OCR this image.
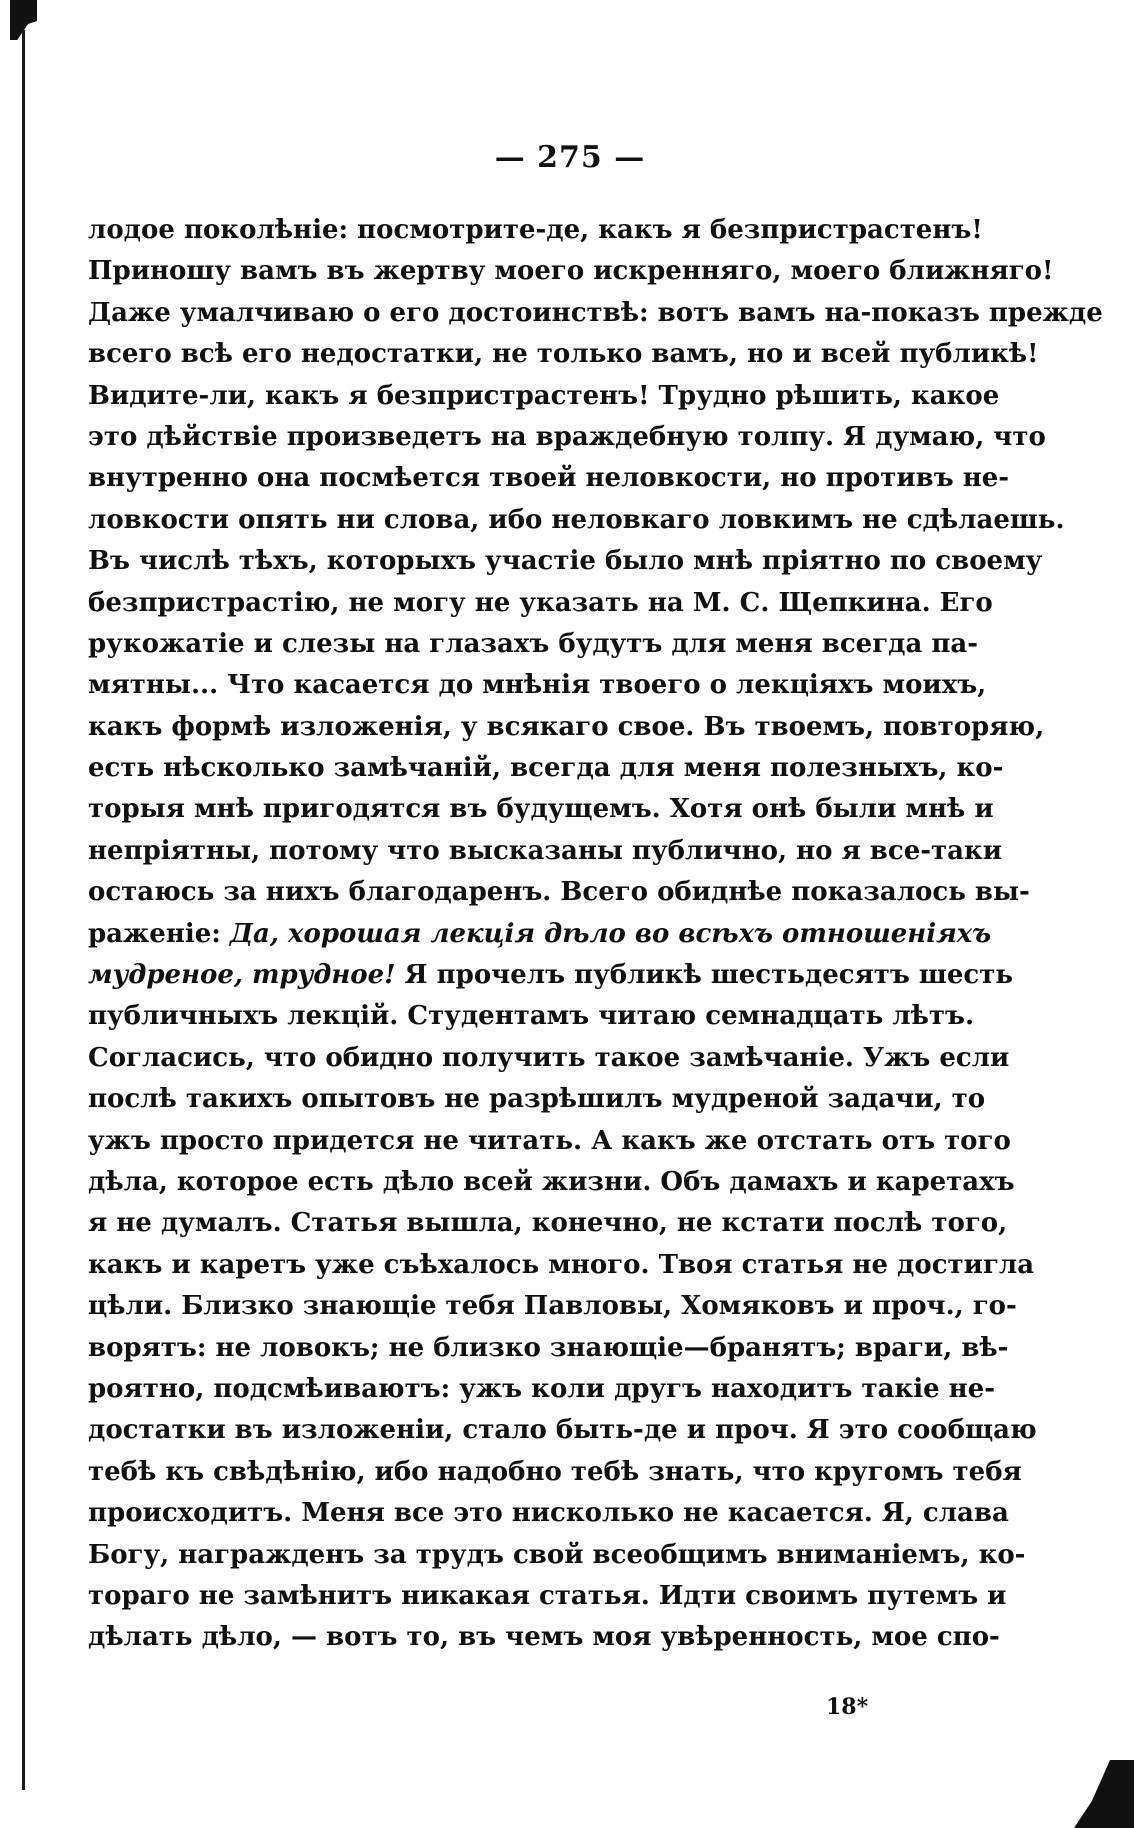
— 275 —
лодое поколѣніе: посмотрите-де, какъ я безпристрастенъ!
Приношу вамъ въ жертву моего искренняго, моего ближняго!
Даже умалчиваю о его достоинствѣ: вотъ вамъ на-показъ прежде
всего всѣ его недостатки, не только вамъ, но и всей публикѣ!
Видите-ли, какъ я безпристрастенъ! Трудно рѣшить, какое
это дѣйствіе произведетъ на враждебную толпу. Я думаю, что
внутренно она посмѣется твоей неловкости, но противъ не-
ловкости опять ни слова, ибо неловкаго ловкимъ не сдѣлаешь.
Въ числѣ тѣхъ, которыхъ участіе было мнѣ пріятно по своему
безпристрастію, не могу не указать на М. С. Щепкина. Его
рукожатіе и слезы на глазахъ будутъ для меня всегда па-
мятны... Что касается до мнѣнія твоего о лекціяхъ моихъ,
какъ формѣ изложенія, у всякаго свое. Въ твоемъ, повторяю,
есть нѣсколько замѣчаній, всегда для меня полезныхъ, ко-
торыя мнѣ пригодятся въ будущемъ. Хотя онѣ были мнѣ и
непріятны, потому что высказаны публично, но я все-таки
остаюсь за нихъ благодаренъ. Всего обиднѣе показалось вы-
раженіе: Да, хорошая лекція дѣло во всѣхъ отношеніяхъ
мудреное, трудное! Я прочелъ публикѣ шестьдесятъ шесть
публичныхъ лекцій. Студентамъ читаю семнадцать лѣтъ.
Согласись, что обидно получить такое замѣчаніе. Ужъ если
послѣ такихъ опытовъ не разрѣшилъ мудреной задачи, то
ужъ просто придется не читать. А какъ же отстать отъ того
дѣла, которое есть дѣло всей жизни. Объ дамахъ и каретахъ
я не думалъ. Статья вышла, конечно, не кстати послѣ того,
какъ и каретъ уже съѣхалось много. Твоя статья не достигла
цѣли. Близко знающіе тебя Павловы, Хомяковъ и проч., го-
ворятъ: не ловокъ; не близко знающіе—бранятъ; враги, вѣ-
роятно, подсмѣиваютъ: ужъ коли другъ находитъ такіе не-
достатки въ изложеніи, стало быть-де и проч. Я это сообщаю
тебѣ къ свѣдѣнію, ибо надобно тебѣ знать, что кругомъ тебя
происходитъ. Меня все это нисколько не касается. Я, слава
Богу, награжденъ за трудъ свой всеобщимъ вниманіемъ, ко-
тораго не замѣнитъ никакая статья. Идти своимъ путемъ и
дѣлать дѣло, — вотъ то, въ чемъ моя увѣренность, мое спо-
18*
